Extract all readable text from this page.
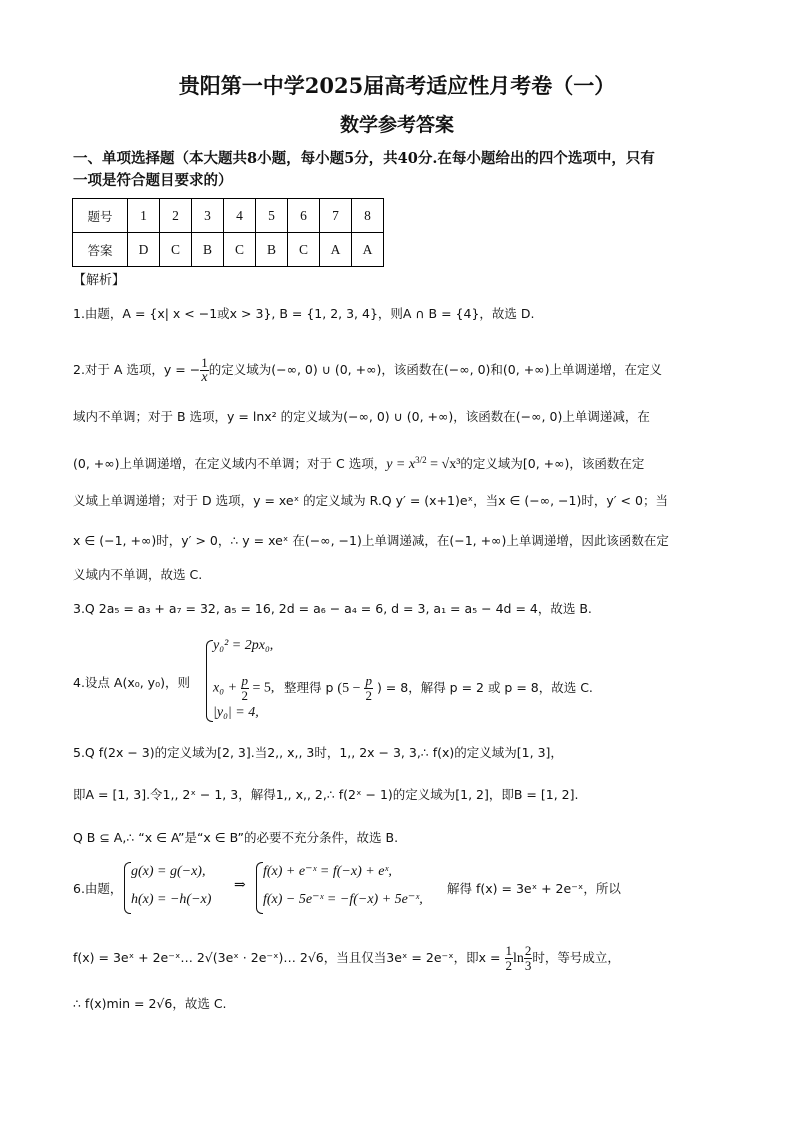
贵阳第一中学2025届高考适应性月考卷（一）
数学参考答案
一、单项选择题（本大题共8小题，每小题5分，共40分.在每小题给出的四个选项中，只有
一项是符合题目要求的）
题号	1	2	3	4	5	6	7	8
答案	D	C	B	C	B	C	A	A
【解析】
1.由题，A = {x| x < −1或x > 3}, B = {1, 2, 3, 4}，则A ∩ B = {4}，故选 D.
2.对于 A 选项，y = − $\frac{1}{x}$ 的定义域为(−∞, 0) ∪ (0, +∞)，该函数在(−∞, 0)和(0, +∞)上单调递增，在定义
域内不单调；对于 B 选项，y = lnx² 的定义域为(−∞, 0) ∪ (0, +∞)，该函数在(−∞, 0)上单调递减，在
(0, +∞)上单调递增，在定义域内不单调；对于 C 选项，$y = x^{3/2} = √x^3$的定义域为[0, +∞)，该函数在定
义域上单调递增；对于 D 选项，y = xeˣ 的定义域为 R.Q y′ = (x+1)eˣ，当x ∈ (−∞, −1)时，y′ < 0；当
x ∈ (−1, +∞)时，y′ > 0，∴ y = xeˣ 在(−∞, −1)上单调递减，在(−1, +∞)上单调递增，因此该函数在定
义域内不单调，故选 C.
3.Q 2a₅ = a₃ + a₇ = 32, a₅ = 16, 2d = a₆ − a₄ = 6, d = 3, a₁ = a₅ − 4d = 4，故选 B.
4.设点 A(x₀, y₀)，则
y₀² = 2px₀,
$x_0 + \frac{p}{2} = 5$,
|y₀| = 4,
整理得 p ($5 - \frac{p}{2}$ ) = 8，解得 p = 2 或 p = 8，故选 C.
5.Q f(2x − 3)的定义域为[2, 3].当2,, x,, 3时，1,, 2x − 3, 3,∴ f(x)的定义域为[1, 3]，
即A = [1, 3].令1,, 2ˣ − 1, 3，解得1,, x,, 2,∴ f(2ˣ − 1)的定义域为[1, 2]，即B = [1, 2].
Q B ⊆ A,∴ “x ∈ A”是“x ∈ B”的必要不充分条件，故选 B.
6.由题，
g(x) = g(−x),
h(x) = −h(−x)
⇒
f(x) + e⁻ˣ = f(−x) + eˣ,
f(x) − 5e⁻ˣ = −f(−x) + 5e⁻ˣ,
解得 f(x) = 3eˣ + 2e⁻ˣ，所以
f(x) = 3eˣ + 2e⁻ˣ… 2√(3eˣ · 2e⁻ˣ)… 2√6，当且仅当3eˣ = 2e⁻ˣ，即$x = \frac{1}{2}$ $\ln \frac{2}{3}$ 时，等号成立，
∴ f(x)min = 2√6，故选 C.
